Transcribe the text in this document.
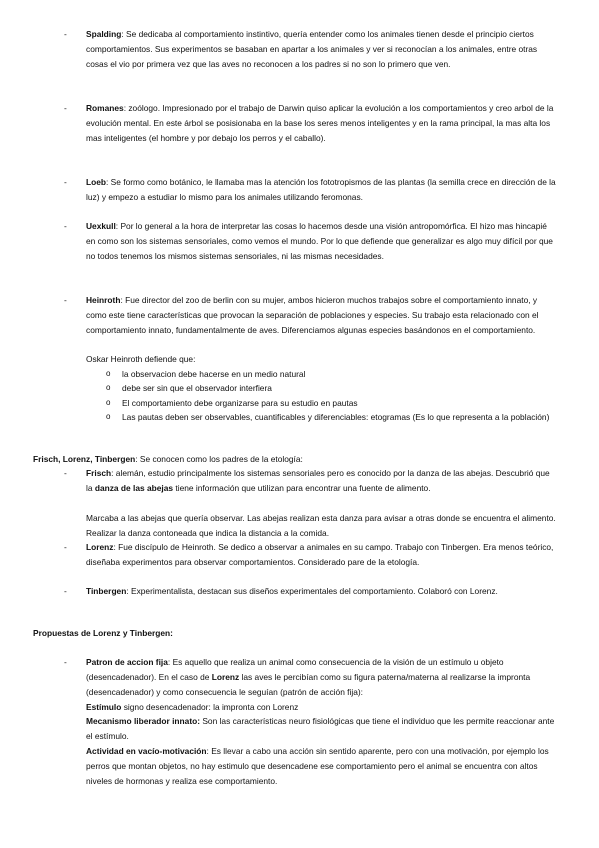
-	Spalding: Se dedicaba al comportamiento instintivo, quería entender como los animales tienen desde el principio ciertos comportamientos. Sus experimentos se basaban en apartar a los animales y ver si reconocían a los animales, entre otras cosas el vio por primera vez que las aves no reconocen a los padres si no son lo primero que ven.
-	Romanes: zoólogo. Impresionado por el trabajo de Darwin quiso aplicar la evolución a los comportamientos y creo arbol de la evolución mental. En este árbol se posisionaba en la base los seres menos inteligentes y en la rama principal, la mas alta los mas inteligentes (el hombre y por debajo los perros y el caballo).
-	Loeb: Se formo como botánico, le llamaba mas la atención los fototropismos de las plantas (la semilla crece en dirección de la luz) y empezo a estudiar lo mismo para los animales utilizando feromonas.
-	Uexkull: Por lo general a la hora de interpretar las cosas lo hacemos desde una visión antropomórfica. El hizo mas hincapié en como son los sistemas sensoriales, como vemos el mundo. Por lo que defiende que generalizar es algo muy difícil por que no todos tenemos los mismos sistemas sensoriales, ni las mismas necesidades.
-	Heinroth: Fue director del zoo de berlin con su mujer, ambos hicieron muchos trabajos sobre el comportamiento innato, y como este tiene características que provocan la separación de poblaciones y especies. Su trabajo esta relacionado con el comportamiento innato, fundamentalmente de aves. Diferenciamos algunas especies basándonos en el comportamiento.
Oskar Heinroth defiende que:
o	la observacion debe hacerse en un medio natural
o	debe ser sin que el observador interfiera
o	El comportamiento debe organizarse para su estudio en pautas
o	Las pautas deben ser observables, cuantificables y diferenciables: etogramas (Es lo que representa a la población)
Frisch, Lorenz, Tinbergen: Se conocen como los padres de la etología:
-	Frisch: alemán, estudio principalmente los sistemas sensoriales pero es conocido por la danza de las abejas. Descubrió que la danza de las abejas tiene información que utilizan para encontrar una fuente de alimento.
Marcaba a las abejas que quería observar. Las abejas realizan esta danza para avisar a otras donde se encuentra el alimento. Realizar la danza contoneada que indica la distancia a la comida.
-	Lorenz: Fue discípulo de Heinroth. Se dedico a observar a animales en su campo. Trabajo con Tinbergen. Era menos teórico, diseñaba experimentos para observar comportamientos. Considerado pare de la etología.
-	Tinbergen: Experimentalista, destacan sus diseños experimentales del comportamiento. Colaboró con Lorenz.
Propuestas de Lorenz y Tinbergen:
-	Patron de accion fija: Es aquello que realiza un animal como consecuencia de la visión de un estímulo u objeto (desencadenador). En el caso de Lorenz las aves le percibían como su figura paterna/materna al realizarse la impronta (desencadenador) y como consecuencia le seguían (patrón de acción fija):
Estímulo signo desencadenador: la impronta con Lorenz
Mecanismo liberador innato: Son las características neuro fisiológicas que tiene el individuo que les permite reaccionar ante el estímulo.
Actividad en vacío-motivación: Es llevar a cabo una acción sin sentido aparente, pero con una motivación, por ejemplo los perros que montan objetos, no hay estimulo que desencadene ese comportamiento pero el animal se encuentra con altos niveles de hormonas y realiza ese comportamiento.
